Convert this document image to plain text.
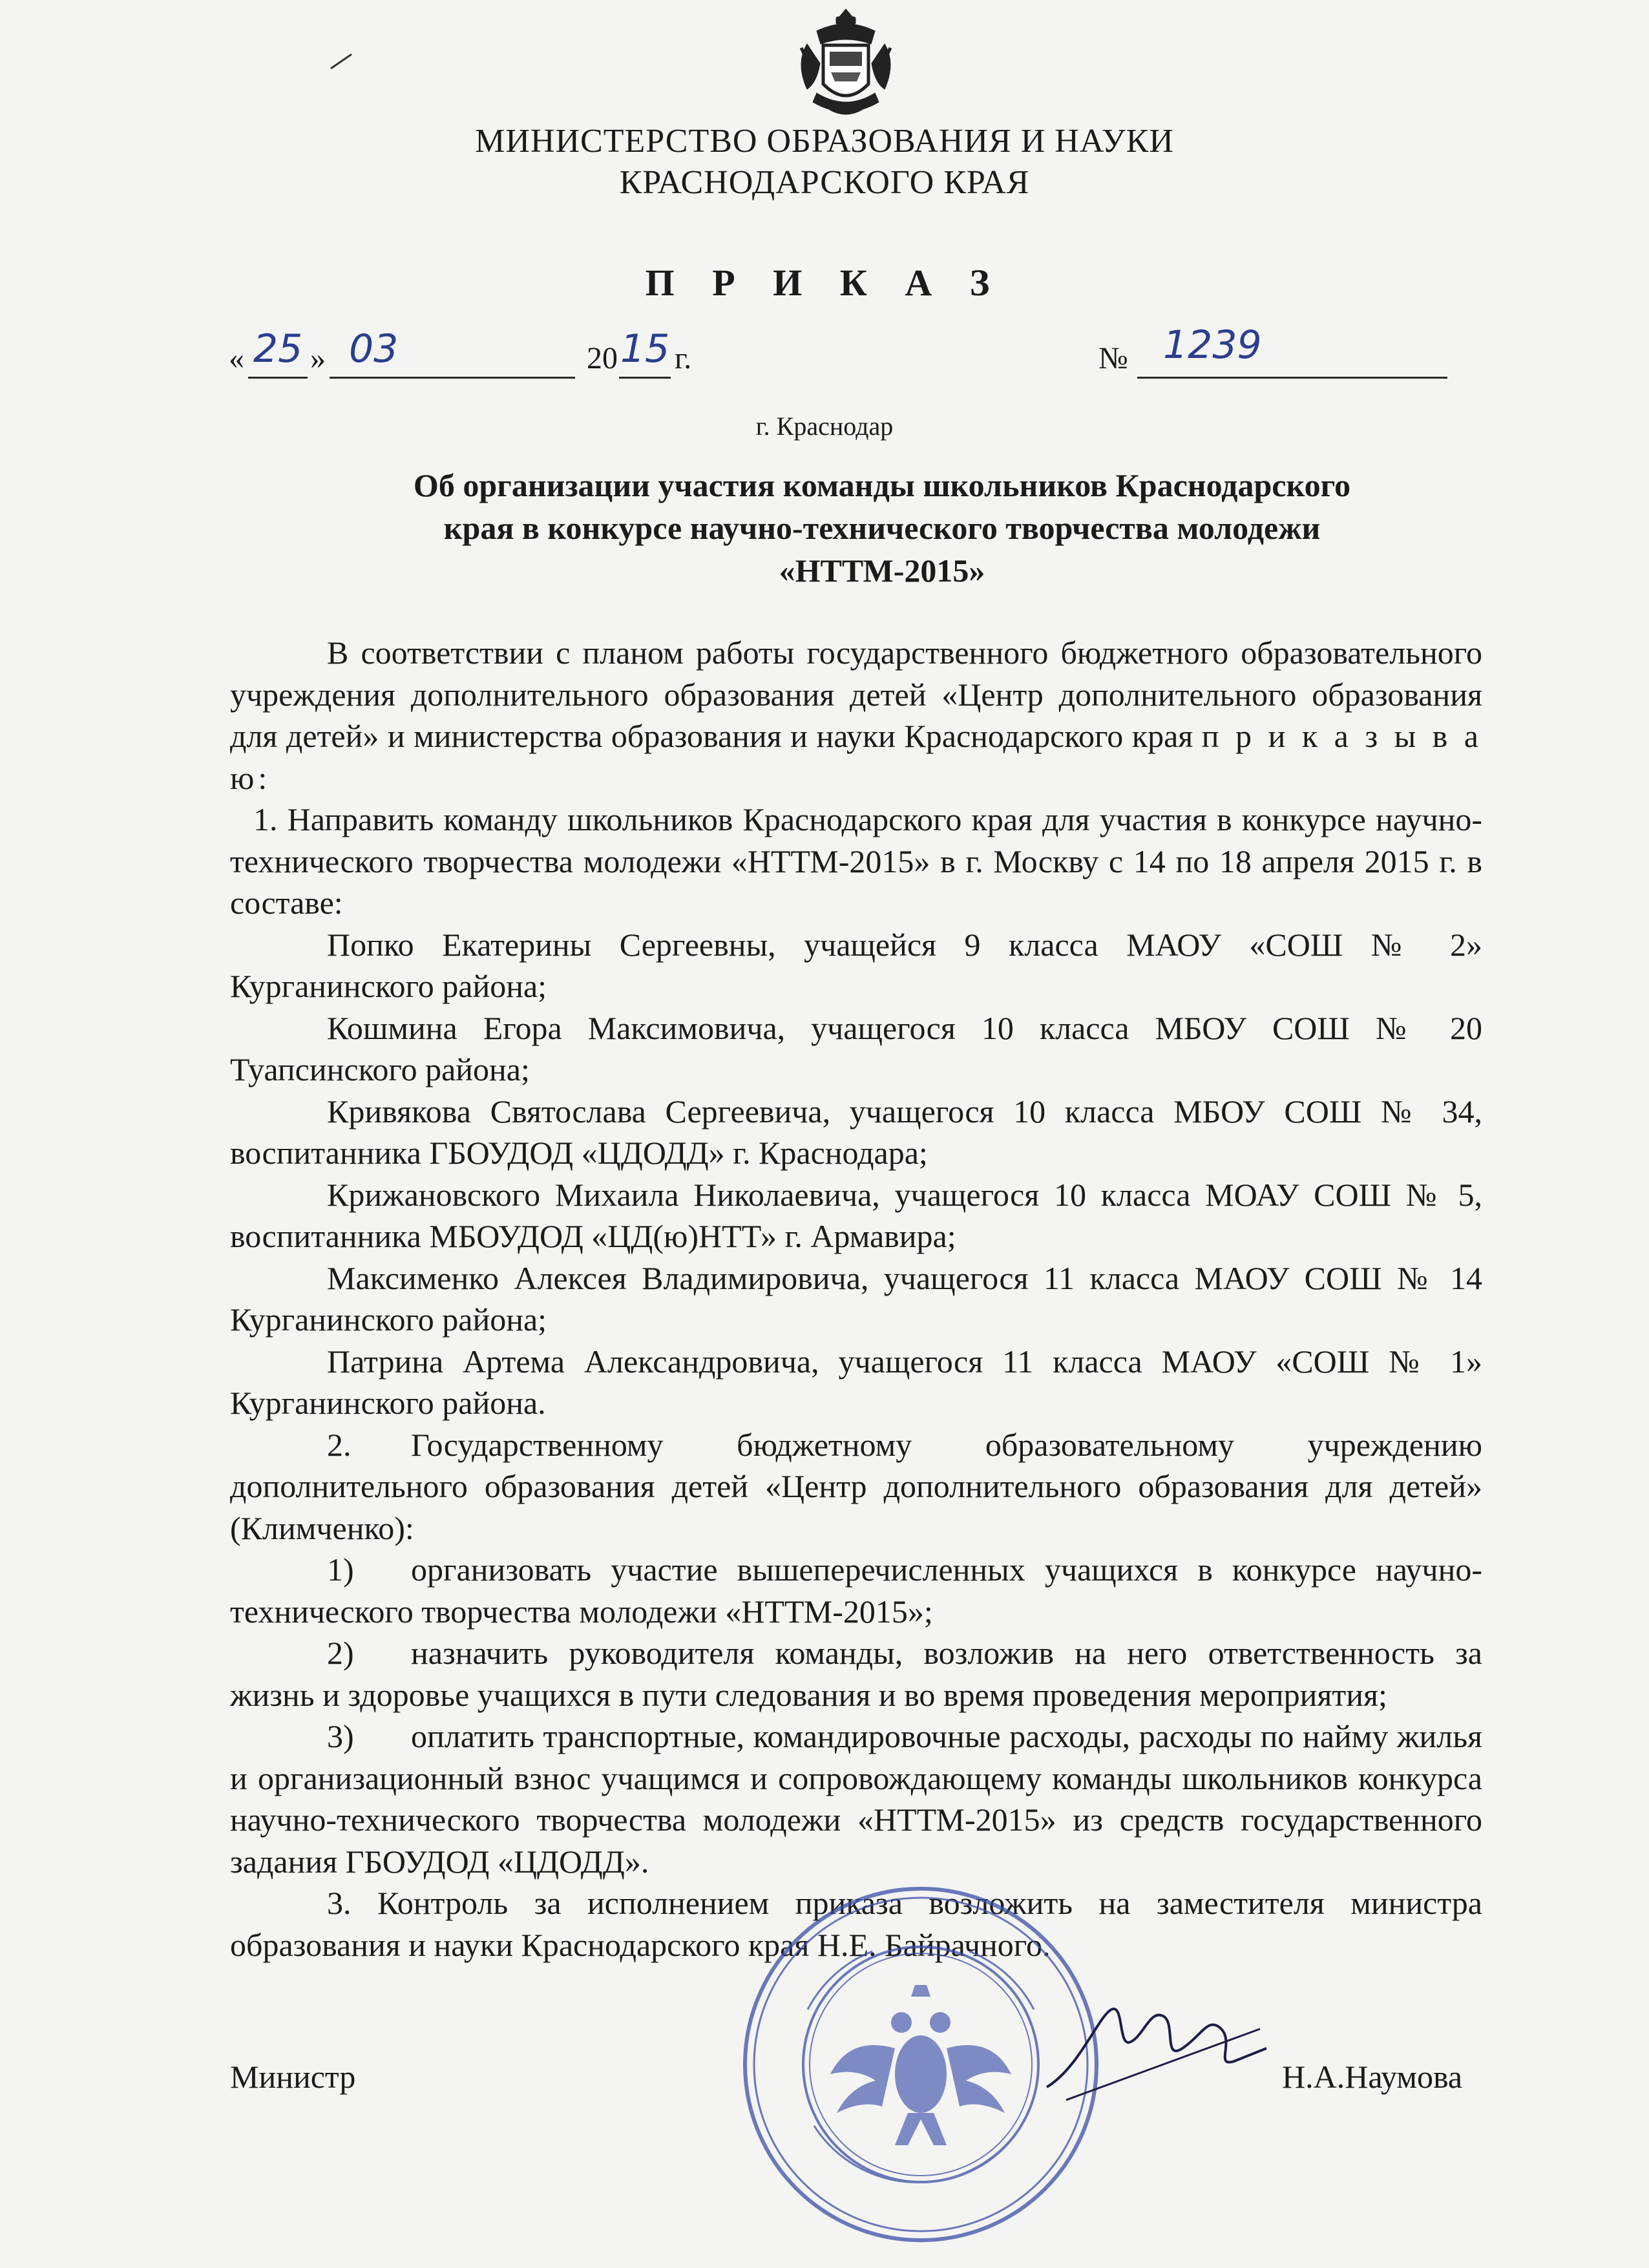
МИНИСТЕРСТВО ОБРАЗОВАНИЯ И НАУКИ
КРАСНОДАРСКОГО КРАЯ
П Р И К А З
« 25 » 03	20 15 г.	№ 1239
г. Краснодар
Об организации участия команды школьников Краснодарского
края в конкурсе научно-технического творчества молодежи
«НТТМ-2015»

В соответствии с планом работы государственного бюджетного образовательного учреждения дополнительного образования детей «Центр дополнительного образования для детей» и министерства образования и науки Краснодарского края п р и к а з ы в а ю:

1. Направить команду школьников Краснодарского края для участия в конкурсе научно-технического творчества молодежи «НТТМ-2015» в г. Москву с 14 по 18 апреля 2015 г. в составе:

Попко Екатерины Сергеевны, учащейся 9 класса МАОУ «СОШ № 2» Курганинского района;

Кошмина Егора Максимовича, учащегося 10 класса МБОУ СОШ № 20 Туапсинского района;

Кривякова Святослава Сергеевича, учащегося 10 класса МБОУ СОШ № 34, воспитанника ГБОУДОД «ЦДОДД» г. Краснодара;

Крижановского Михаила Николаевича, учащегося 10 класса МОАУ СОШ № 5, воспитанника МБОУДОД «ЦД(ю)НТТ» г. Армавира;

Максименко Алексея Владимировича, учащегося 11 класса МАОУ СОШ № 14 Курганинского района;

Патрина Артема Александровича, учащегося 11 класса МАОУ «СОШ № 1» Курганинского района.

2. Государственному бюджетному образовательному учреждению дополнительного образования детей «Центр дополнительного образования для детей» (Климченко):

1) организовать участие вышеперечисленных учащихся в конкурсе научно-технического творчества молодежи «НТТМ-2015»;

2) назначить руководителя команды, возложив на него ответственность за жизнь и здоровье учащихся в пути следования и во время проведения мероприятия;

3) оплатить транспортные, командировочные расходы, расходы по найму жилья и организационный взнос учащимся и сопровождающему команды школьников конкурса научно-технического творчества молодежи «НТТМ-2015» из средств государственного задания ГБОУДОД «ЦДОДД».

3. Контроль за исполнением приказа возложить на заместителя министра образования и науки Краснодарского края Н.Е. Байрачного.

Министр	Н.А.Наумова
